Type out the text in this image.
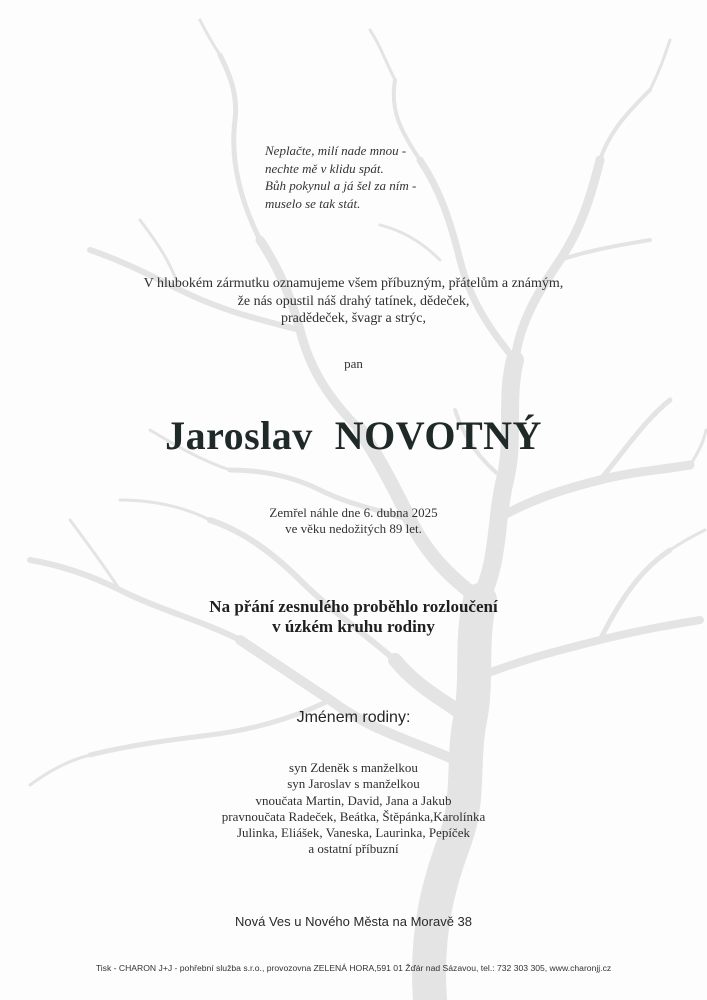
Neplačte, milí nade mnou -
nechte mě v klidu spát.
Bůh pokynul a já šel za ním -
muselo se tak stát.
V hlubokém zármutku oznamujeme všem příbuzným, přátelům a známým,
že nás opustil náš drahý tatínek, dědeček,
pradědeček, švagr a strýc,
pan
Jaroslav NOVOTNÝ
Zemřel náhle dne 6. dubna 2025
ve věku nedožitých 89 let.
Na přání zesnulého proběhlo rozloučení
v úzkém kruhu rodiny
Jménem rodiny:
syn Zdeněk s manželkou
syn Jaroslav s manželkou
vnoučata Martin, David, Jana a Jakub
pravnoučata Radeček, Beátka, Štěpánka,Karolínka
Julinka, Eliášek, Vaneska, Laurinka, Pepíček
a ostatní příbuzní
Nová Ves u Nového Města na Moravě 38
Tisk - CHARON J+J - pohřební služba s.r.o., provozovna ZELENÁ HORA,591 01 Žďár nad Sázavou, tel.: 732 303 305, www.charonjj.cz
